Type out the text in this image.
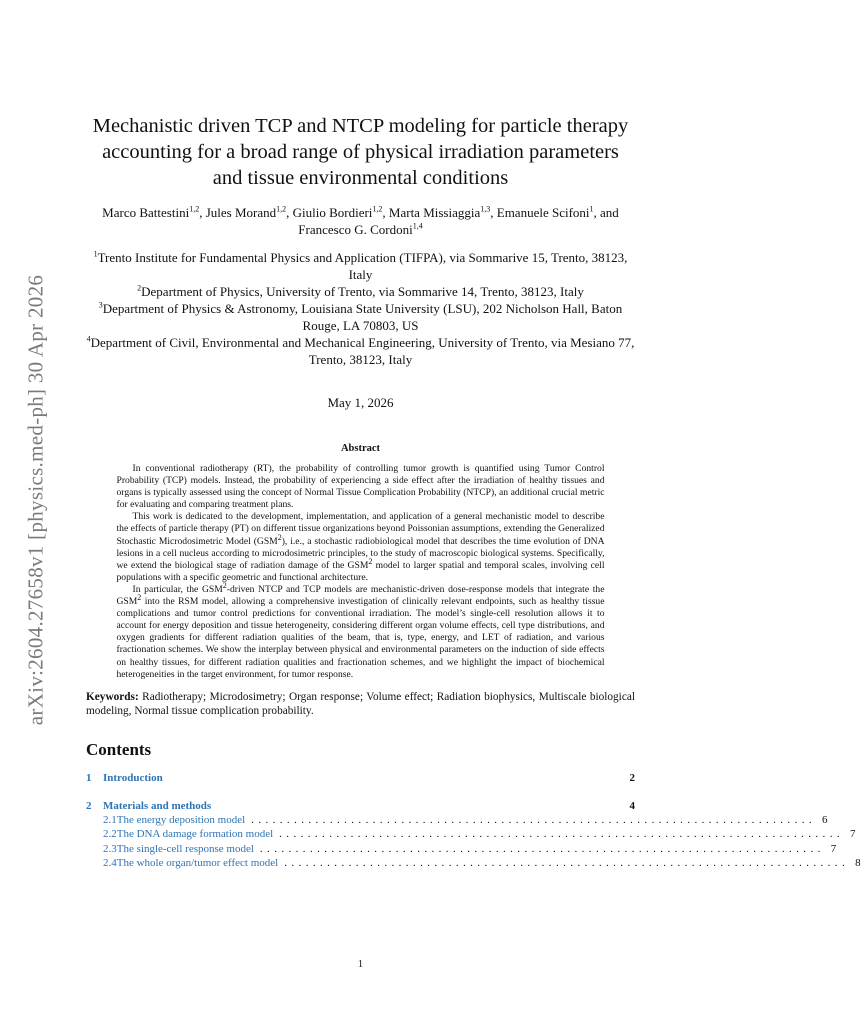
arXiv:2604.27658v1 [physics.med-ph] 30 Apr 2026
Mechanistic driven TCP and NTCP modeling for particle therapy accounting for a broad range of physical irradiation parameters and tissue environmental conditions
Marco Battestini$^{1,2}$, Jules Morand$^{1,2}$, Giulio Bordieri$^{1,2}$, Marta Missiaggia$^{1,3}$, Emanuele Scifoni$^1$, and Francesco G. Cordoni$^{1,4}$
$^1$Trento Institute for Fundamental Physics and Application (TIFPA), via Sommarive 15, Trento, 38123, Italy
$^2$Department of Physics, University of Trento, via Sommarive 14, Trento, 38123, Italy
$^3$Department of Physics & Astronomy, Louisiana State University (LSU), 202 Nicholson Hall, Baton Rouge, LA 70803, US
$^4$Department of Civil, Environmental and Mechanical Engineering, University of Trento, via Mesiano 77, Trento, 38123, Italy
May 1, 2026
Abstract

In conventional radiotherapy (RT), the probability of controlling tumor growth is quantified using Tumor Control Probability (TCP) models. Instead, the probability of experiencing a side effect after the irradiation of healthy tissues and organs is typically assessed using the concept of Normal Tissue Complication Probability (NTCP), an additional crucial metric for evaluating and comparing treatment plans.

This work is dedicated to the development, implementation, and application of a general mechanistic model to describe the effects of particle therapy (PT) on different tissue organizations beyond Poissonian assumptions, extending the Generalized Stochastic Microdosimetric Model (GSM$^2$), i.e., a stochastic radiobiological model that describes the time evolution of DNA lesions in a cell nucleus according to microdosimetric principles, to the study of macroscopic biological systems. Specifically, we extend the biological stage of radiation damage of the GSM$^2$ model to larger spatial and temporal scales, involving cell populations with a specific geometric and functional architecture.

In particular, the GSM$^2$-driven NTCP and TCP models are mechanistic-driven dose-response models that integrate the GSM$^2$ into the RSM model, allowing a comprehensive investigation of clinically relevant endpoints, such as healthy tissue complications and tumor control predictions for conventional irradiation. The model’s single-cell resolution allows it to account for energy deposition and tissue heterogeneity, considering different organ volume effects, cell type distributions, and oxygen gradients for different radiation qualities of the beam, that is, type, energy, and LET of radiation, and various fractionation schemes. We show the interplay between physical and environmental parameters on the induction of side effects on healthy tissues, for different radiation qualities and fractionation schemes, and we highlight the impact of biochemical heterogeneities in the target environment, for tumor response.

Keywords: Radiotherapy; Microdosimetry; Organ response; Volume effect; Radiation biophysics, Multiscale biological modeling, Normal tissue complication probability.
Contents
1 Introduction	2
2 Materials and methods	4
2.1 The energy deposition model ............................................................................... 6
2.2 The DNA damage formation model ............................................................................... 7
2.3 The single-cell response model ............................................................................... 7
2.4 The whole organ/tumor effect model ............................................................................... 8
1
